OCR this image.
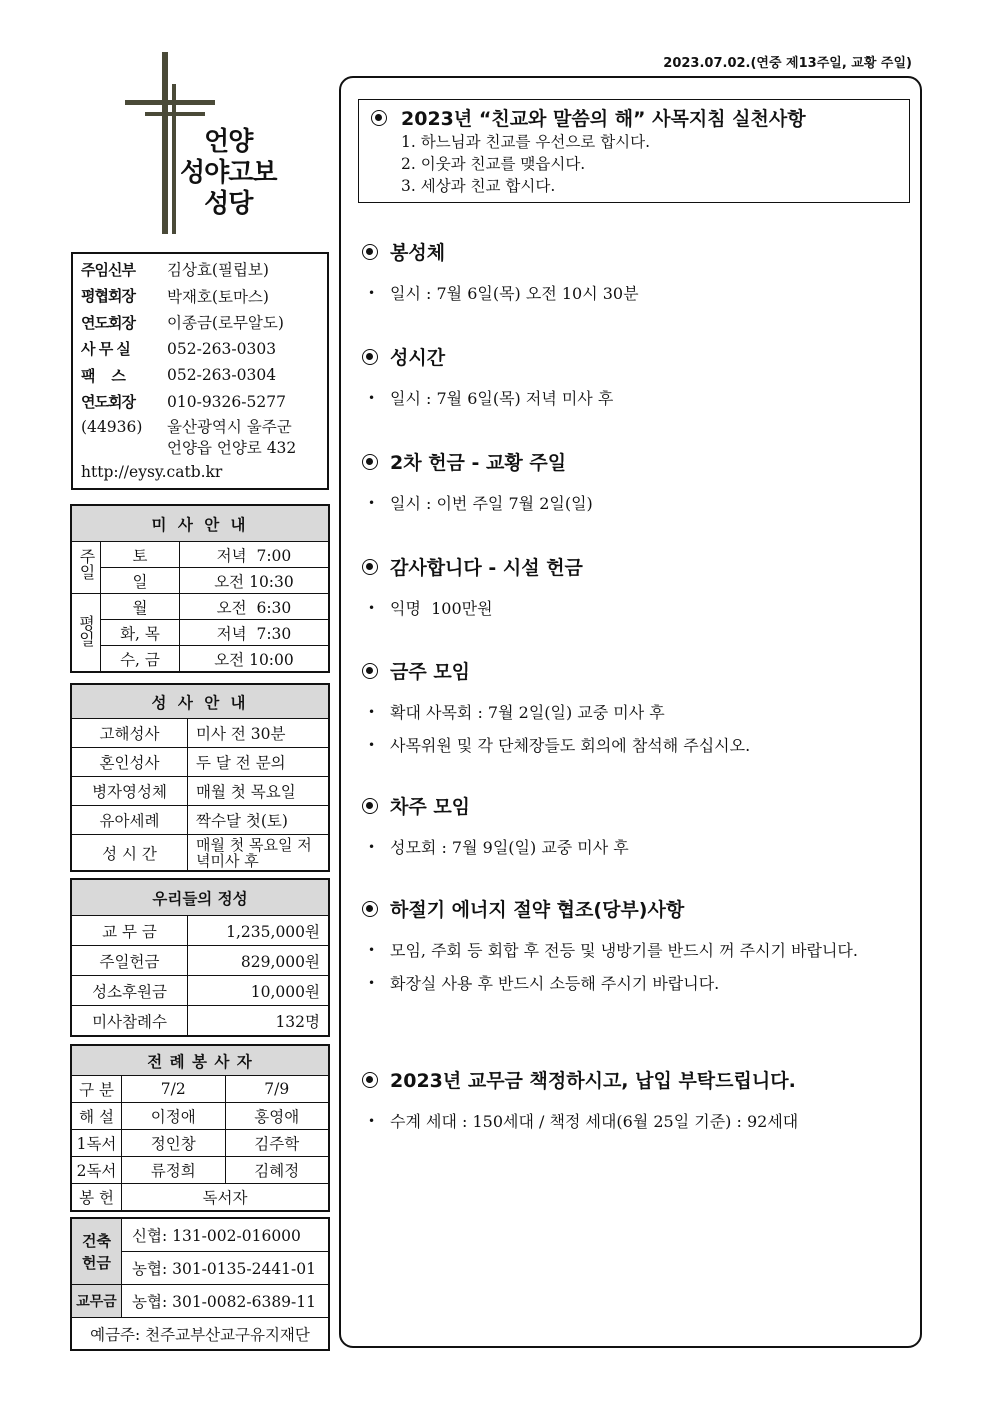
2023.07.02.(연중 제13주일, 교황 주일)
언양
성야고보
성당
주임신부	김상효(필립보)
평협회장	박재호(토마스)
연도회장	이종금(로무알도)
사 무 실	052-263-0303
팩    스	052-263-0304
연도회장	010-9326-5277
(44936)	울산광역시 울주군
언양읍 언양로 432
http://eysy.catb.kr
미 사 안 내		
주일	토	저녁  7:00
	일	오전 10:30
평일	월	오전  6:30
	화, 목	저녁  7:30
	수, 금	오전 10:00
성 사 안 내	
고해성사	미사 전 30분
혼인성사	두 달 전 문의
병자영성체	매월 첫 목요일
유아세례	짝수달 첫(토)
성 시 간	매월 첫 목요일 저녁미사 후
우리들의 정성	
교 무 금	1,235,000원
주일헌금	829,000원
성소후원금	10,000원
미사참례수	132명
전 례 봉 사 자		
구 분	7/2	7/9
해 설	이정애	홍영애
1독서	정인창	김주학
2독서	류정희	김혜정
봉 헌	독서자	
건축헌금	신협: 131-002-016000
	농협: 301-0135-2441-01
교무금	농협: 301-0082-6389-11
예금주: 천주교부산교구유지재단	
2023년 “친교와 말씀의 해” 사목지침 실천사항
1. 하느님과 친교를 우선으로 합시다.
2. 이웃과 친교를 맺읍시다.
3. 세상과 친교 합시다.
봉성체
• 일시 : 7월 6일(목) 오전 10시 30분
성시간
• 일시 : 7월 6일(목) 저녁 미사 후
2차 헌금 - 교황 주일
• 일시 : 이번 주일 7월 2일(일)
감사합니다 - 시설 헌금
• 익명  100만원
금주 모임
• 확대 사목회 : 7월 2일(일) 교중 미사 후
• 사목위원 및 각 단체장들도 회의에 참석해 주십시오.
차주 모임
• 성모회 : 7월 9일(일) 교중 미사 후
하절기 에너지 절약 협조(당부)사항
• 모임, 주회 등 회합 후 전등 및 냉방기를 반드시 꺼 주시기 바랍니다.
• 화장실 사용 후 반드시 소등해 주시기 바랍니다.
2023년 교무금 책정하시고, 납입 부탁드립니다.
• 수계 세대 : 150세대 / 책정 세대(6월 25일 기준) : 92세대
